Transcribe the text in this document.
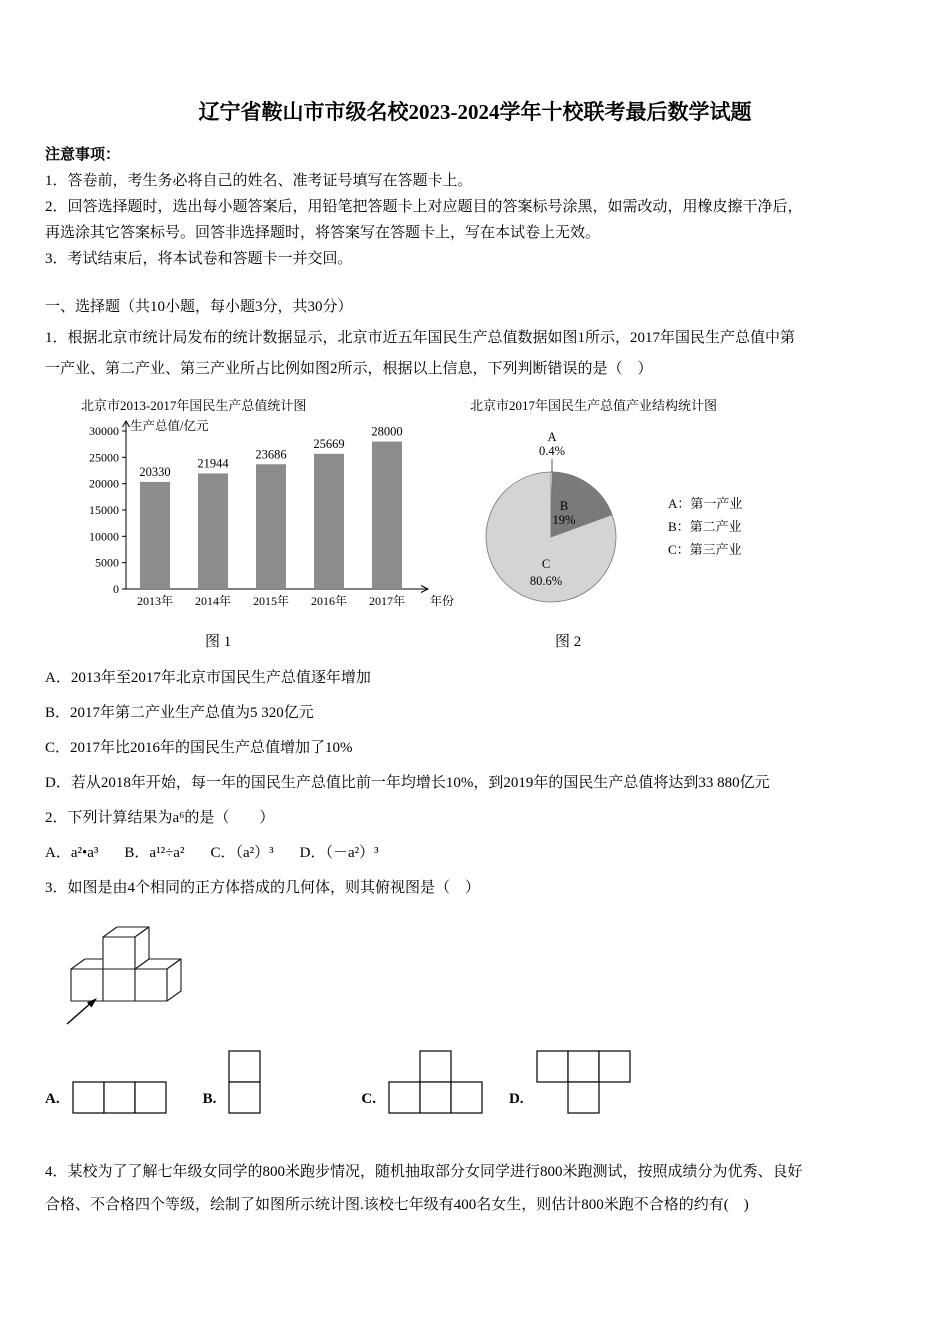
辽宁省鞍山市市级名校2023-2024学年十校联考最后数学试题
注意事项：
1．答卷前，考生务必将自己的姓名、准考证号填写在答题卡上。
2．回答选择题时，选出每小题答案后，用铅笔把答题卡上对应题目的答案标号涂黑，如需改动，用橡皮擦干净后，
再选涂其它答案标号。回答非选择题时，将答案写在答题卡上，写在本试卷上无效。
3．考试结束后，将本试卷和答题卡一并交回。
一、选择题（共10小题，每小题3分，共30分）
1．根据北京市统计局发布的统计数据显示，北京市近五年国民生产总值数据如图1所示，2017年国民生产总值中第
一产业、第二产业、第三产业所占比例如图2所示，根据以上信息，下列判断错误的是（　）
北京市2013-2017年国民生产总值统计图
0
5000
10000
15000
20000
25000
30000
20330
2013年
21944
2014年
23686
2015年
25669
2016年
28000
2017年
生产总值/亿元
年份
北京市2017年国民生产总值产业结构统计图
A
0.4%
B
19%
C
80.6%
A：第一产业
B：第二产业
C：第三产业
图 1	图 2
A．2013年至2017年北京市国民生产总值逐年增加
B．2017年第二产业生产总值为5 320亿元
C．2017年比2016年的国民生产总值增加了10%
D．若从2018年开始，每一年的国民生产总值比前一年均增长10%，到2019年的国民生产总值将达到33 880亿元
2．下列计算结果为a⁶的是（　　）
A．a²•a³ B．a¹²÷a² C．（a²）³ D．（－a²）³
3．如图是由4个相同的正方体搭成的几何体，则其俯视图是（　）
A.	B.	C.	D.
4．某校为了了解七年级女同学的800米跑步情况，随机抽取部分女同学进行800米跑测试，按照成绩分为优秀、良好
合格、不合格四个等级，绘制了如图所示统计图.该校七年级有400名女生，则估计800米跑不合格的约有(　)
